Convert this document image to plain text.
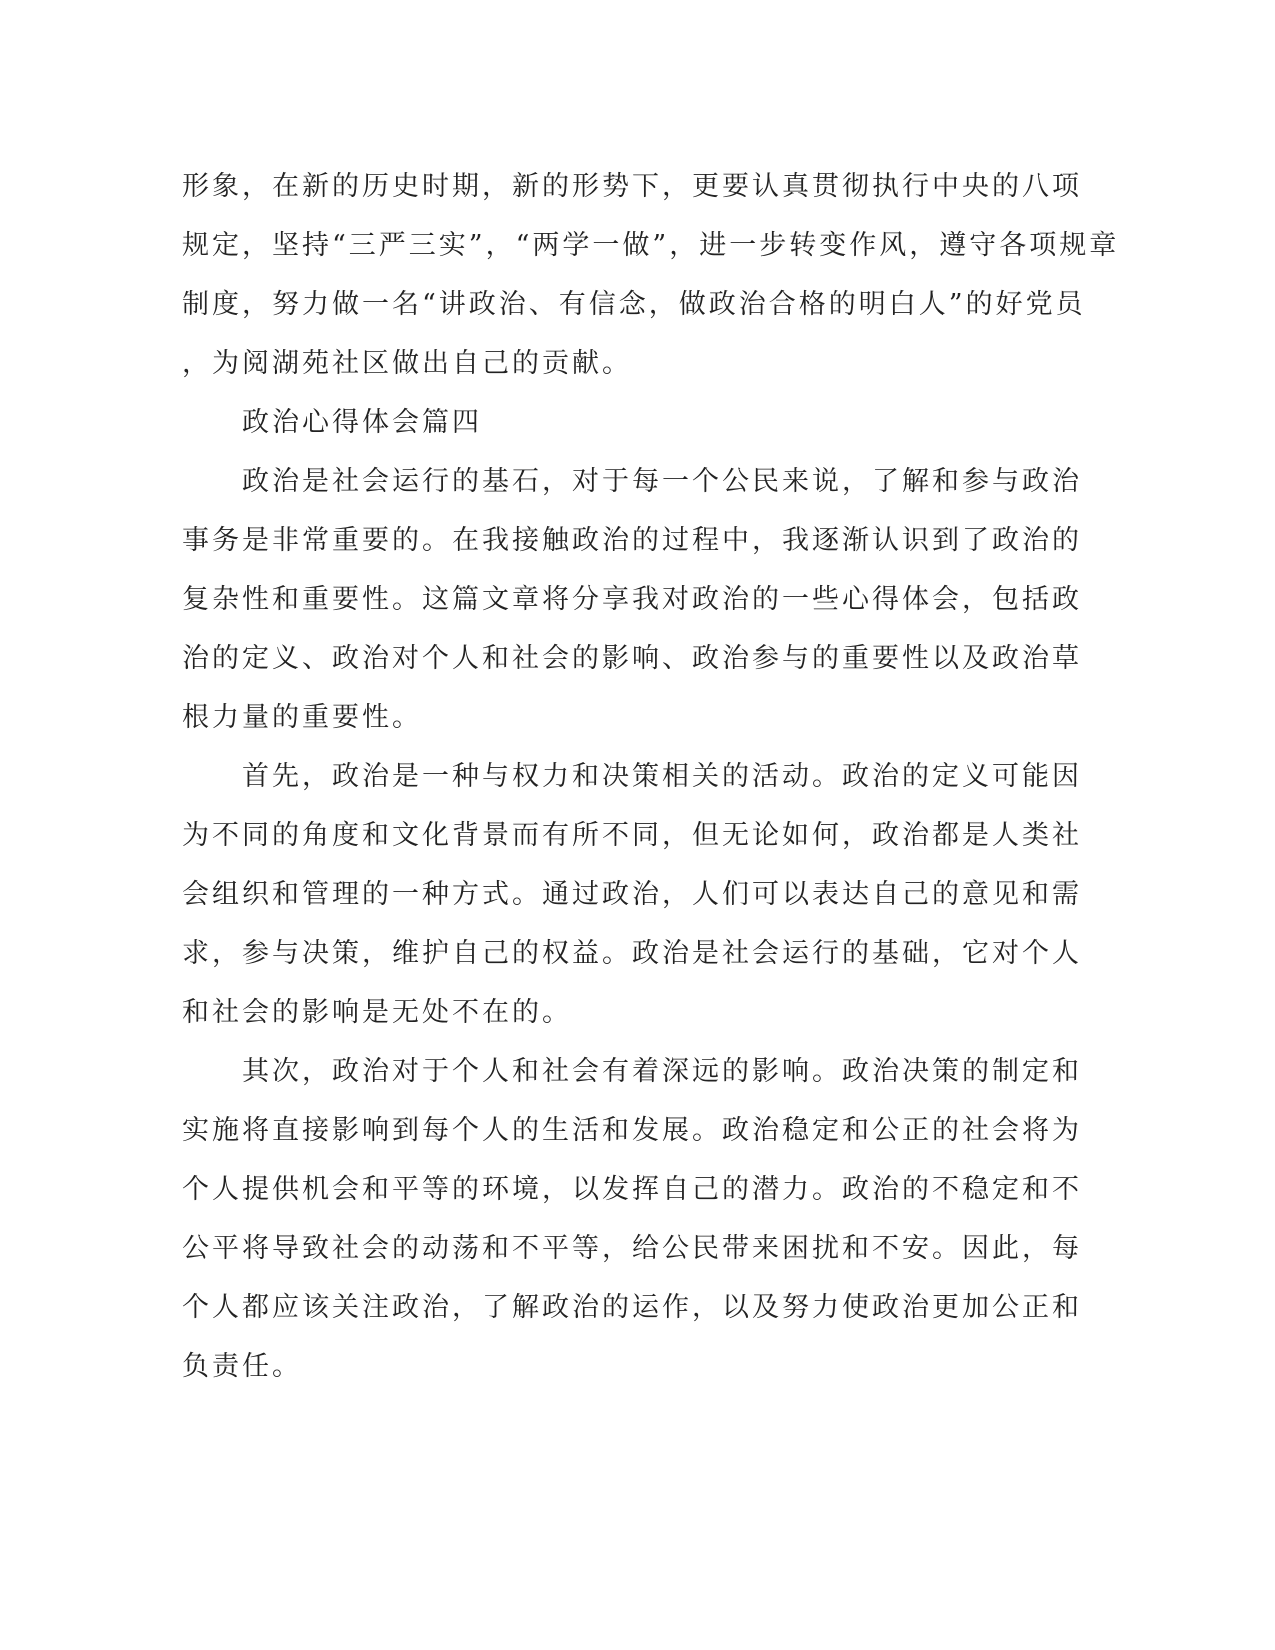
形象，在新的历史时期，新的形势下，更要认真贯彻执行中央的八项
规定，坚持“三严三实”，“两学一做”，进一步转变作风，遵守各项规章
制度，努力做一名“讲政治、有信念，做政治合格的明白人”的好党员
，为阅湖苑社区做出自己的贡献。
　　政治心得体会篇四
　　政治是社会运行的基石，对于每一个公民来说，了解和参与政治
事务是非常重要的。在我接触政治的过程中，我逐渐认识到了政治的
复杂性和重要性。这篇文章将分享我对政治的一些心得体会，包括政
治的定义、政治对个人和社会的影响、政治参与的重要性以及政治草
根力量的重要性。
　　首先，政治是一种与权力和决策相关的活动。政治的定义可能因
为不同的角度和文化背景而有所不同，但无论如何，政治都是人类社
会组织和管理的一种方式。通过政治，人们可以表达自己的意见和需
求，参与决策，维护自己的权益。政治是社会运行的基础，它对个人
和社会的影响是无处不在的。
　　其次，政治对于个人和社会有着深远的影响。政治决策的制定和
实施将直接影响到每个人的生活和发展。政治稳定和公正的社会将为
个人提供机会和平等的环境，以发挥自己的潜力。政治的不稳定和不
公平将导致社会的动荡和不平等，给公民带来困扰和不安。因此，每
个人都应该关注政治，了解政治的运作，以及努力使政治更加公正和
负责任。
